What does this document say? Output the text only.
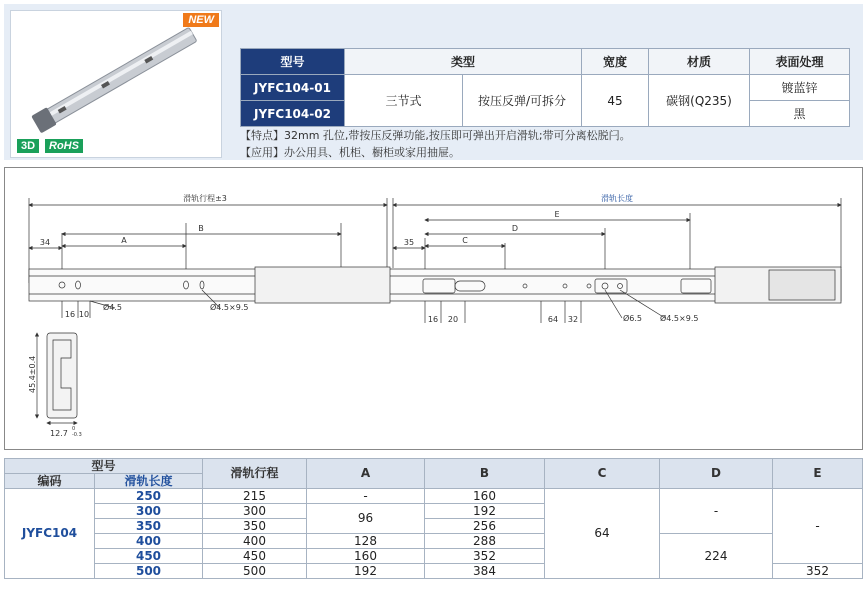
NEW
3D	RoHS
型号	类型		宽度	材质	表面处理
JYFC104-01	三节式	按压反弹/可拆分	45	碳钢(Q235)	镀蓝锌
JYFC104-02					黑
【特点】32mm 孔位,带按压反弹功能,按压即可弹出开启滑轨;带可分离松脱闩。
【应用】办公用具、机柜、橱柜或家用抽屉。
滑轨行程±3	滑轨长度
34	A
B
35	C
D
E
16 10
16 20	64 32
Ø4.5	Ø4.5×9.5
Ø6.5 Ø4.5×9.5
45.4±0.4
12.7 0
-0.3
型号		滑轨行程	A	B	C	D	E
编码	滑轨长度						
JYFC104	250	215	-	160	64	-	-
	300	300	96	192			
	350	350		256			
	400	400	128	288		224	
	450	450	160	352			
	500	500	192	384			352
